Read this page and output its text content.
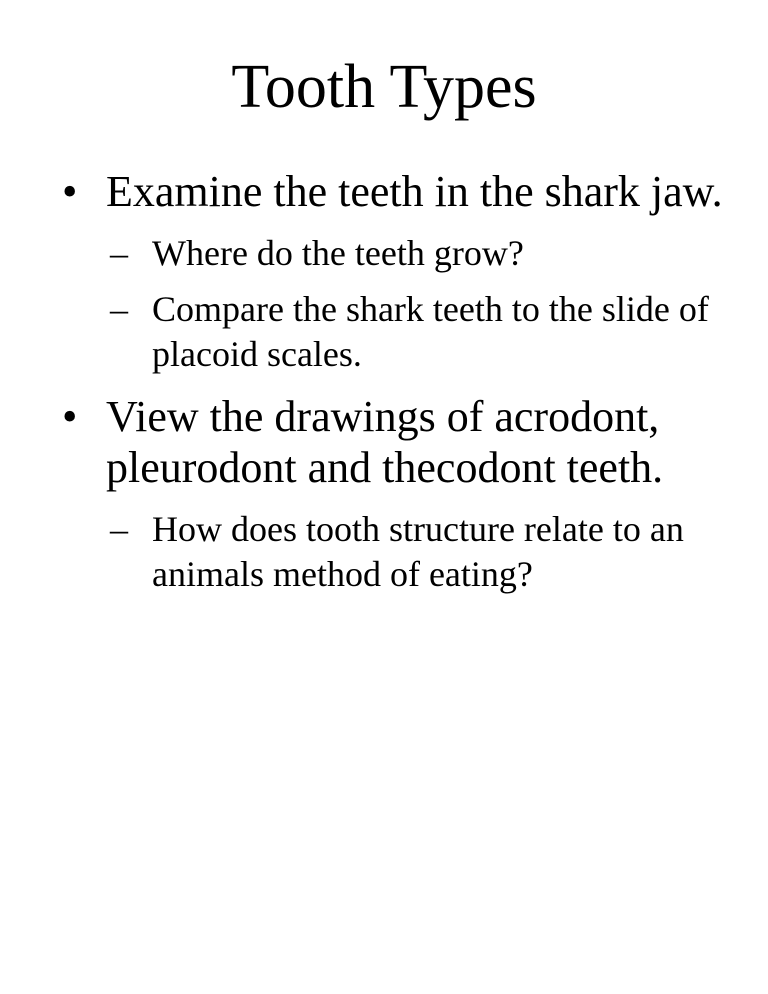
Tooth Types
• Examine the teeth in the shark jaw.
– Where do the teeth grow?
– Compare the shark teeth to the slide of placoid scales.
• View the drawings of acrodont, pleurodont and thecodont teeth.
– How does tooth structure relate to an animals method of eating?
